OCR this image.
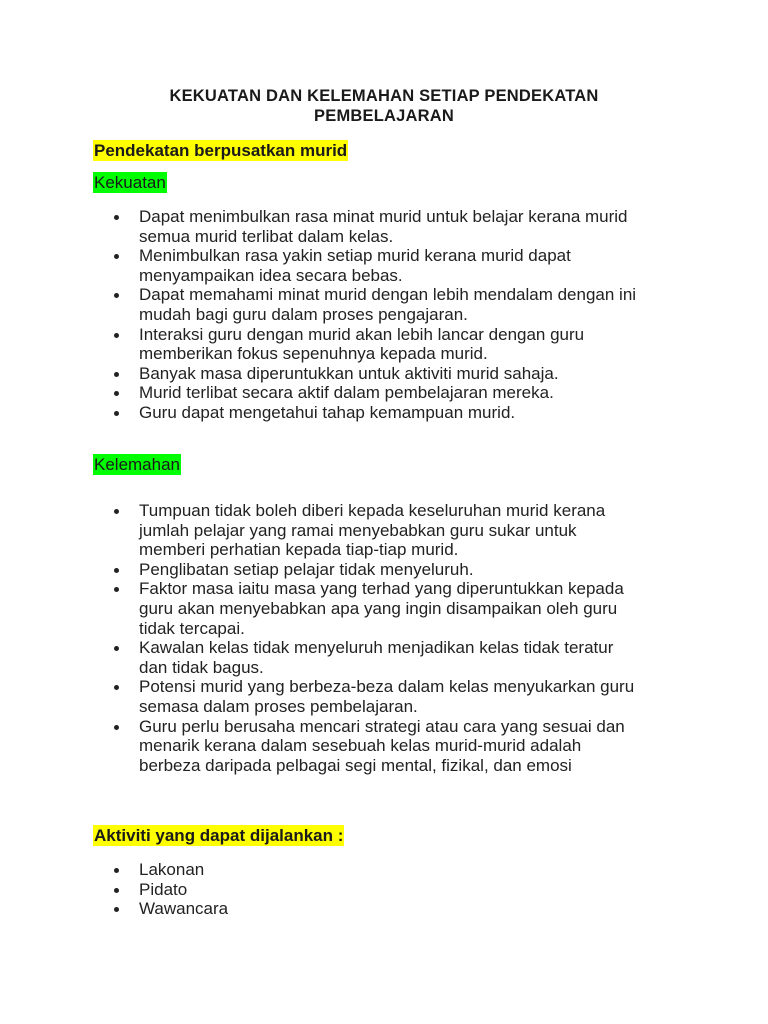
KEKUATAN DAN KELEMAHAN SETIAP PENDEKATAN
PEMBELAJARAN
Pendekatan berpusatkan murid
Kekuatan
Dapat menimbulkan rasa minat murid untuk belajar kerana murid
semua murid terlibat dalam kelas.
Menimbulkan rasa yakin setiap murid kerana murid dapat
menyampaikan idea secara bebas.
Dapat memahami minat murid dengan lebih mendalam dengan ini
mudah bagi guru dalam proses pengajaran.
Interaksi guru dengan murid akan lebih lancar dengan guru
memberikan fokus sepenuhnya kepada murid.
Banyak masa diperuntukkan untuk aktiviti murid sahaja.
Murid terlibat secara aktif dalam pembelajaran mereka.
Guru dapat mengetahui tahap kemampuan murid.
Kelemahan
Tumpuan tidak boleh diberi kepada keseluruhan murid kerana
jumlah pelajar yang ramai menyebabkan guru sukar untuk
memberi perhatian kepada tiap-tiap murid.
Penglibatan setiap pelajar tidak menyeluruh.
Faktor masa iaitu masa yang terhad yang diperuntukkan kepada
guru akan menyebabkan apa yang ingin disampaikan oleh guru
tidak tercapai.
Kawalan kelas tidak menyeluruh menjadikan kelas tidak teratur
dan tidak bagus.
Potensi murid yang berbeza-beza dalam kelas menyukarkan guru
semasa dalam proses pembelajaran.
Guru perlu berusaha mencari strategi atau cara yang sesuai dan
menarik kerana dalam sesebuah kelas murid-murid adalah
berbeza daripada pelbagai segi mental, fizikal, dan emosi
Aktiviti yang dapat dijalankan :
Lakonan
Pidato
Wawancara
